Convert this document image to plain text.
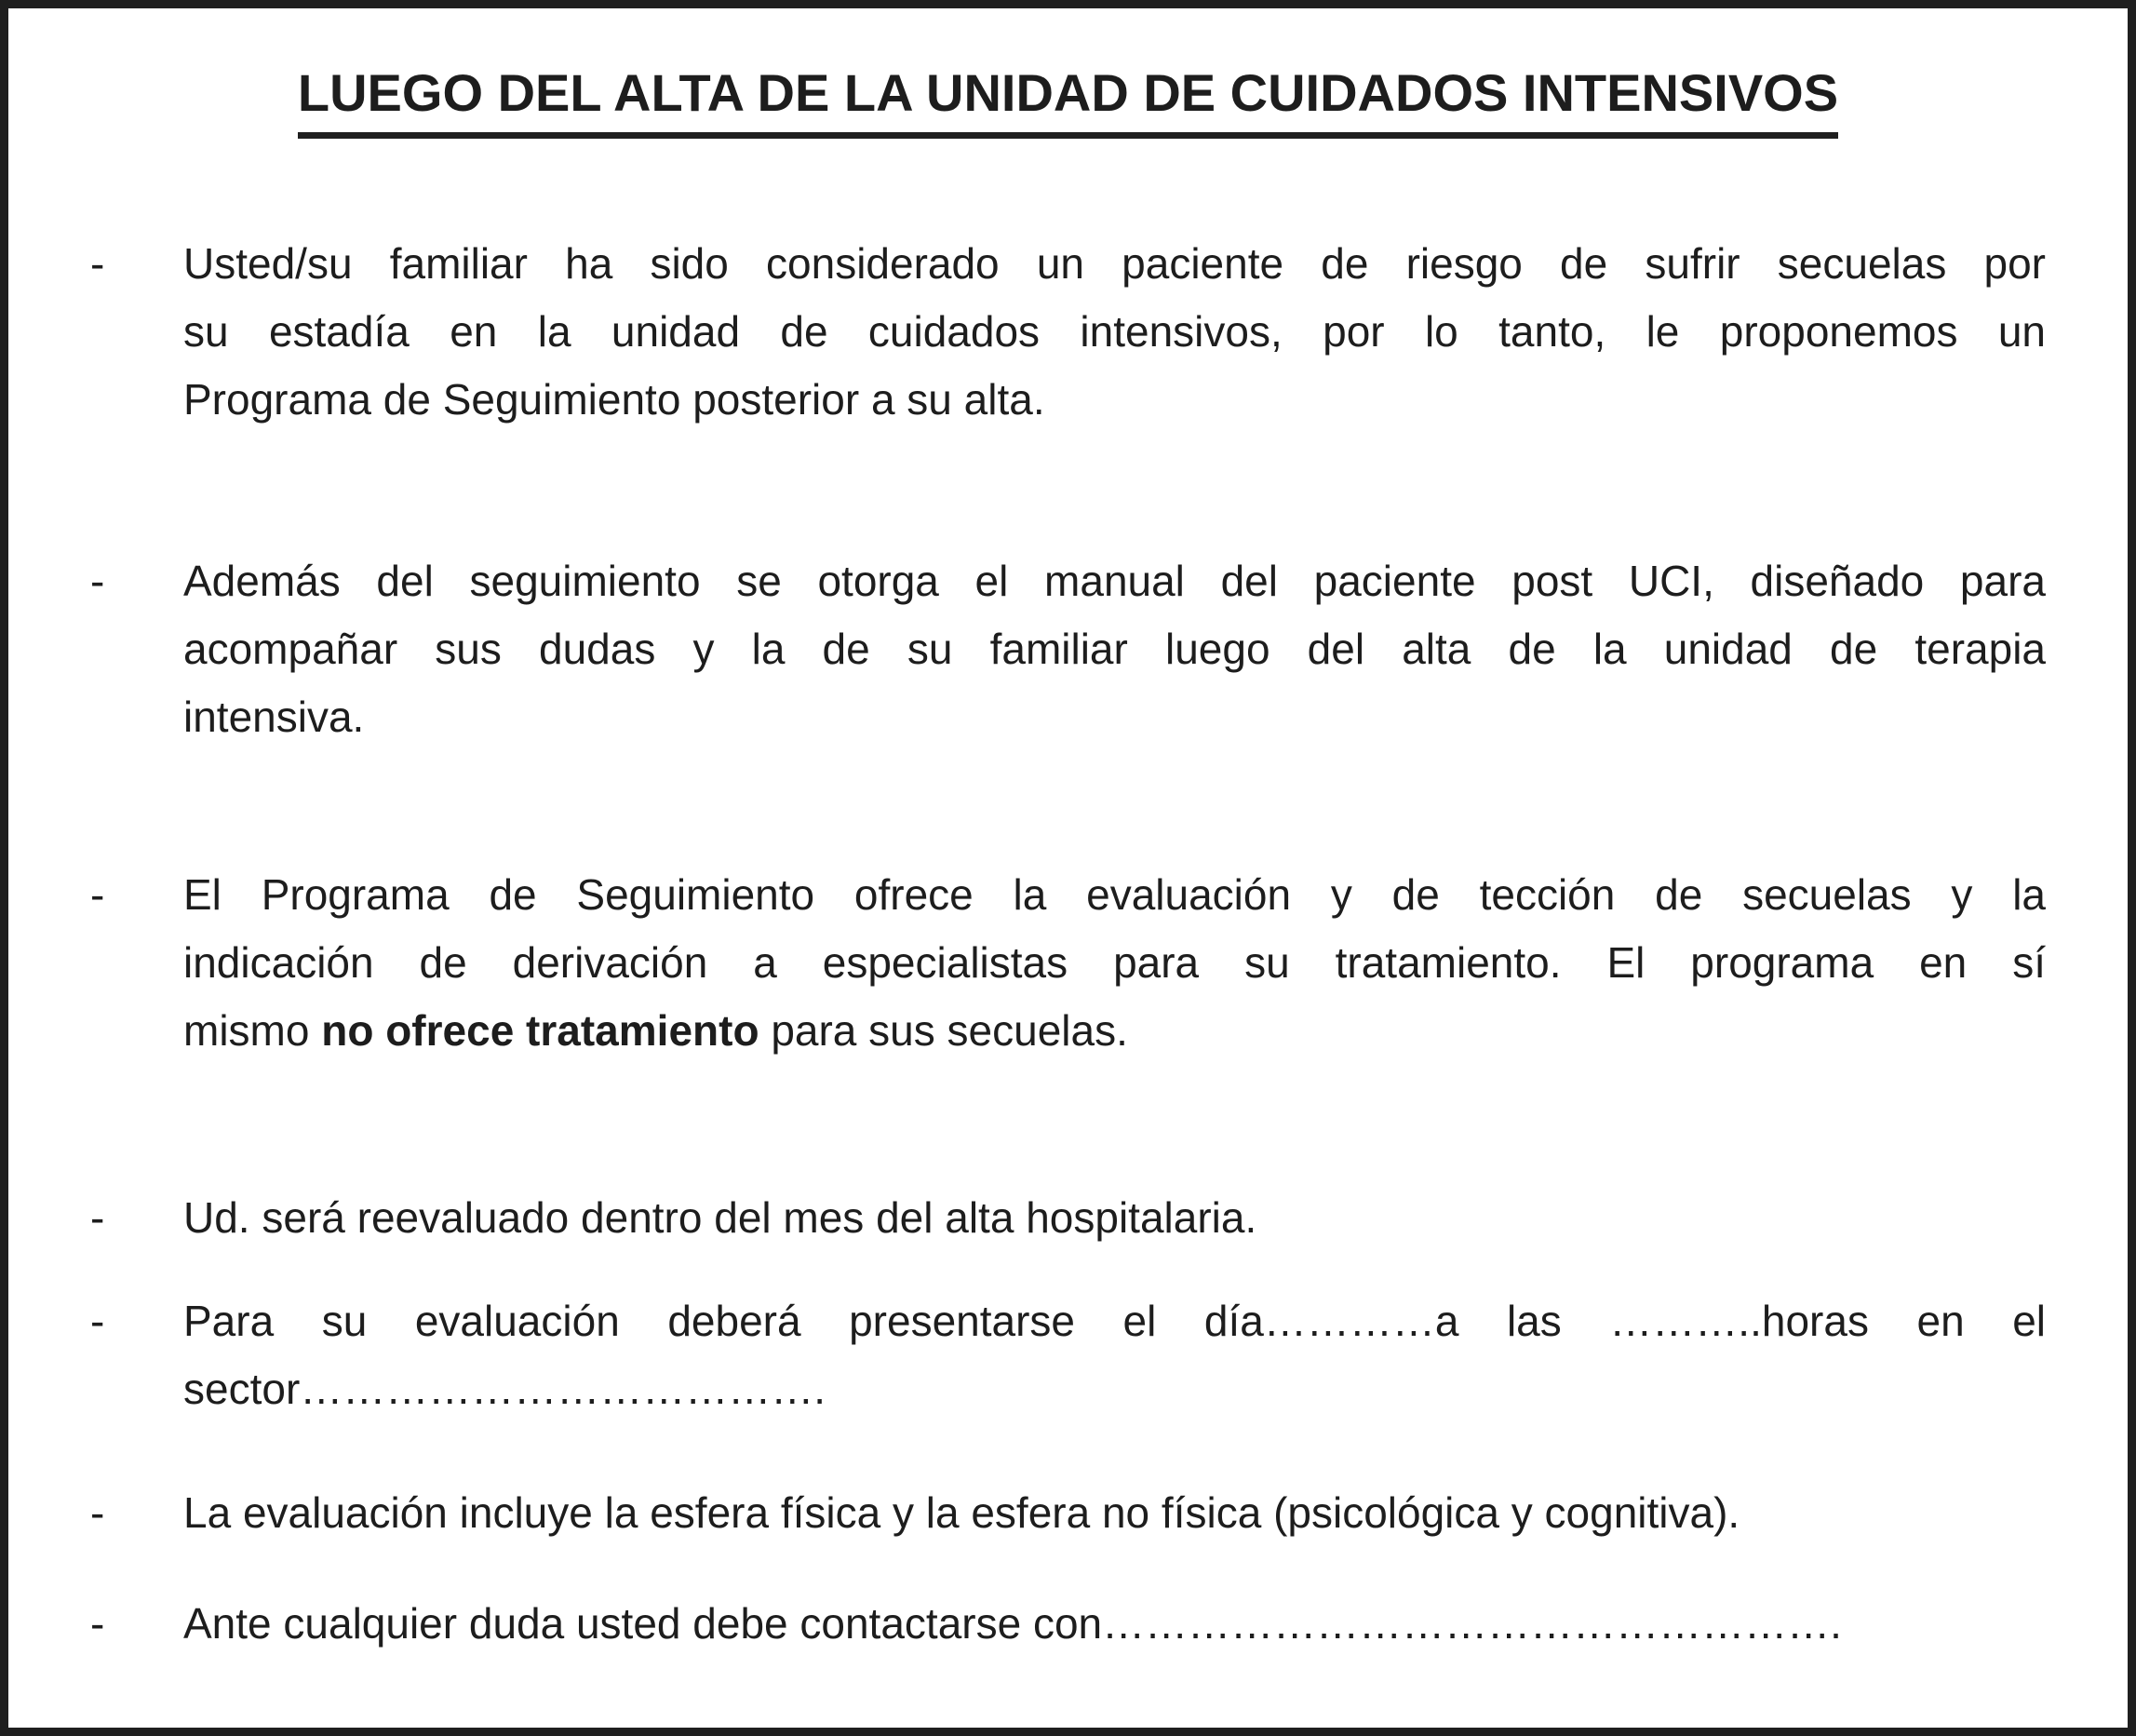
LUEGO DEL ALTA DE LA UNIDAD DE CUIDADOS INTENSIVOS
-	Usted/su familiar ha sido considerado un paciente de riesgo de sufrir secuelas por
su estadía en la unidad de cuidados intensivos, por lo tanto, le proponemos un
Programa de Seguimiento posterior a su alta.
-	Además del seguimiento se otorga el manual del paciente post UCI, diseñado para
acompañar sus dudas y la de su familiar luego del alta de la unidad de terapia
intensiva.
-	El Programa de Seguimiento ofrece la evaluación y de tección de secuelas y la
indicación de derivación a especialistas para su tratamiento. El programa en sí
mismo no ofrece tratamiento para sus secuelas.
-	Ud. será reevaluado dentro del mes del alta hospitalaria.
-	Para su evaluación deberá presentarse el día…………a las ………..horas en el
sector……………………………….
-	La evaluación incluye la esfera física y la esfera no física (psicológica y cognitiva).
-	Ante cualquier duda usted debe contactarse con…………………………………………….
